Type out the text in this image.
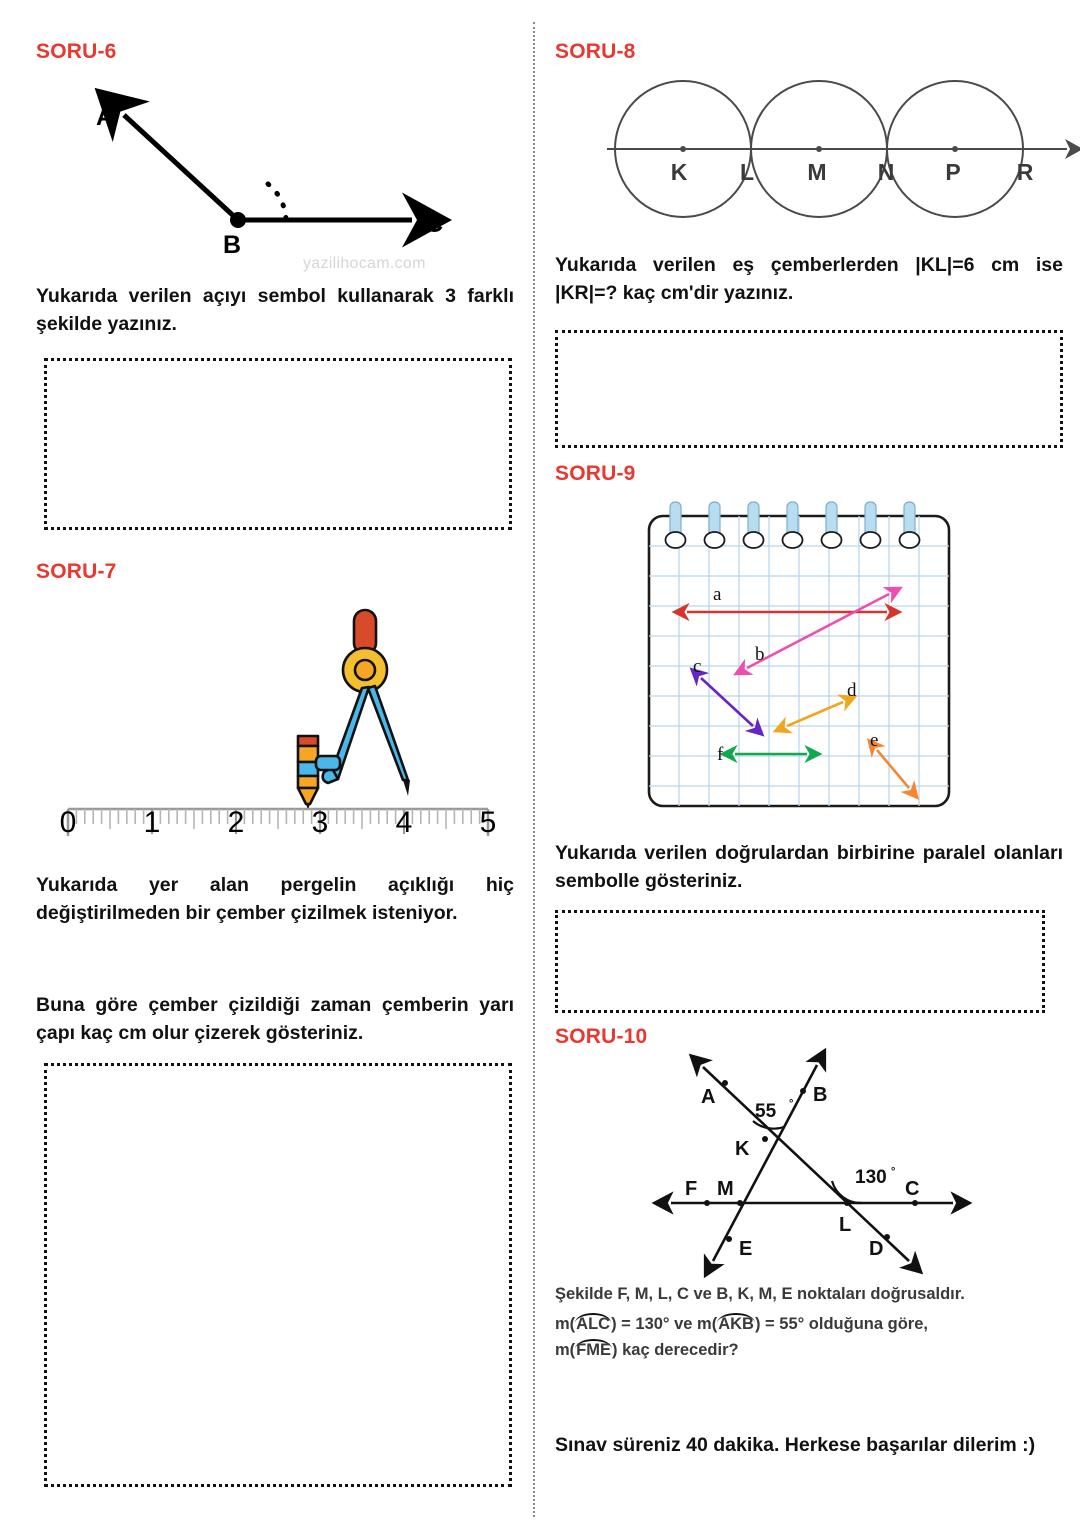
SORU-6
A
B
C
yazilihocam.com
Yukarıda verilen açıyı sembol kullanarak 3 farklı şekilde yazınız.
SORU-7
0 1 2 3 4 5
Yukarıda yer alan pergelin açıklığı hiç değiştirilmeden bir çember çizilmek isteniyor.
Buna göre çember çizildiği zaman çemberin yarı çapı kaç cm olur çizerek gösteriniz.
SORU-8
K L M N P R
Yukarıda verilen eş çemberlerden |KL|=6 cm ise |KR|=? kaç cm'dir yazınız.
SORU-9
a
b
c
d
e
f
Yukarıda verilen doğrulardan birbirine paralel olanları sembolle gösteriniz.
SORU-10
A	B
K
F M	C
L
E	D
55 °
130 °
Şekilde F, M, L, C ve B, K, M, E noktaları doğrusaldır.
m(ALC) = 130° ve m(AKB) = 55° olduğuna göre,
m(FME) kaç derecedir?
Sınav süreniz 40 dakika. Herkese başarılar dilerim :)
